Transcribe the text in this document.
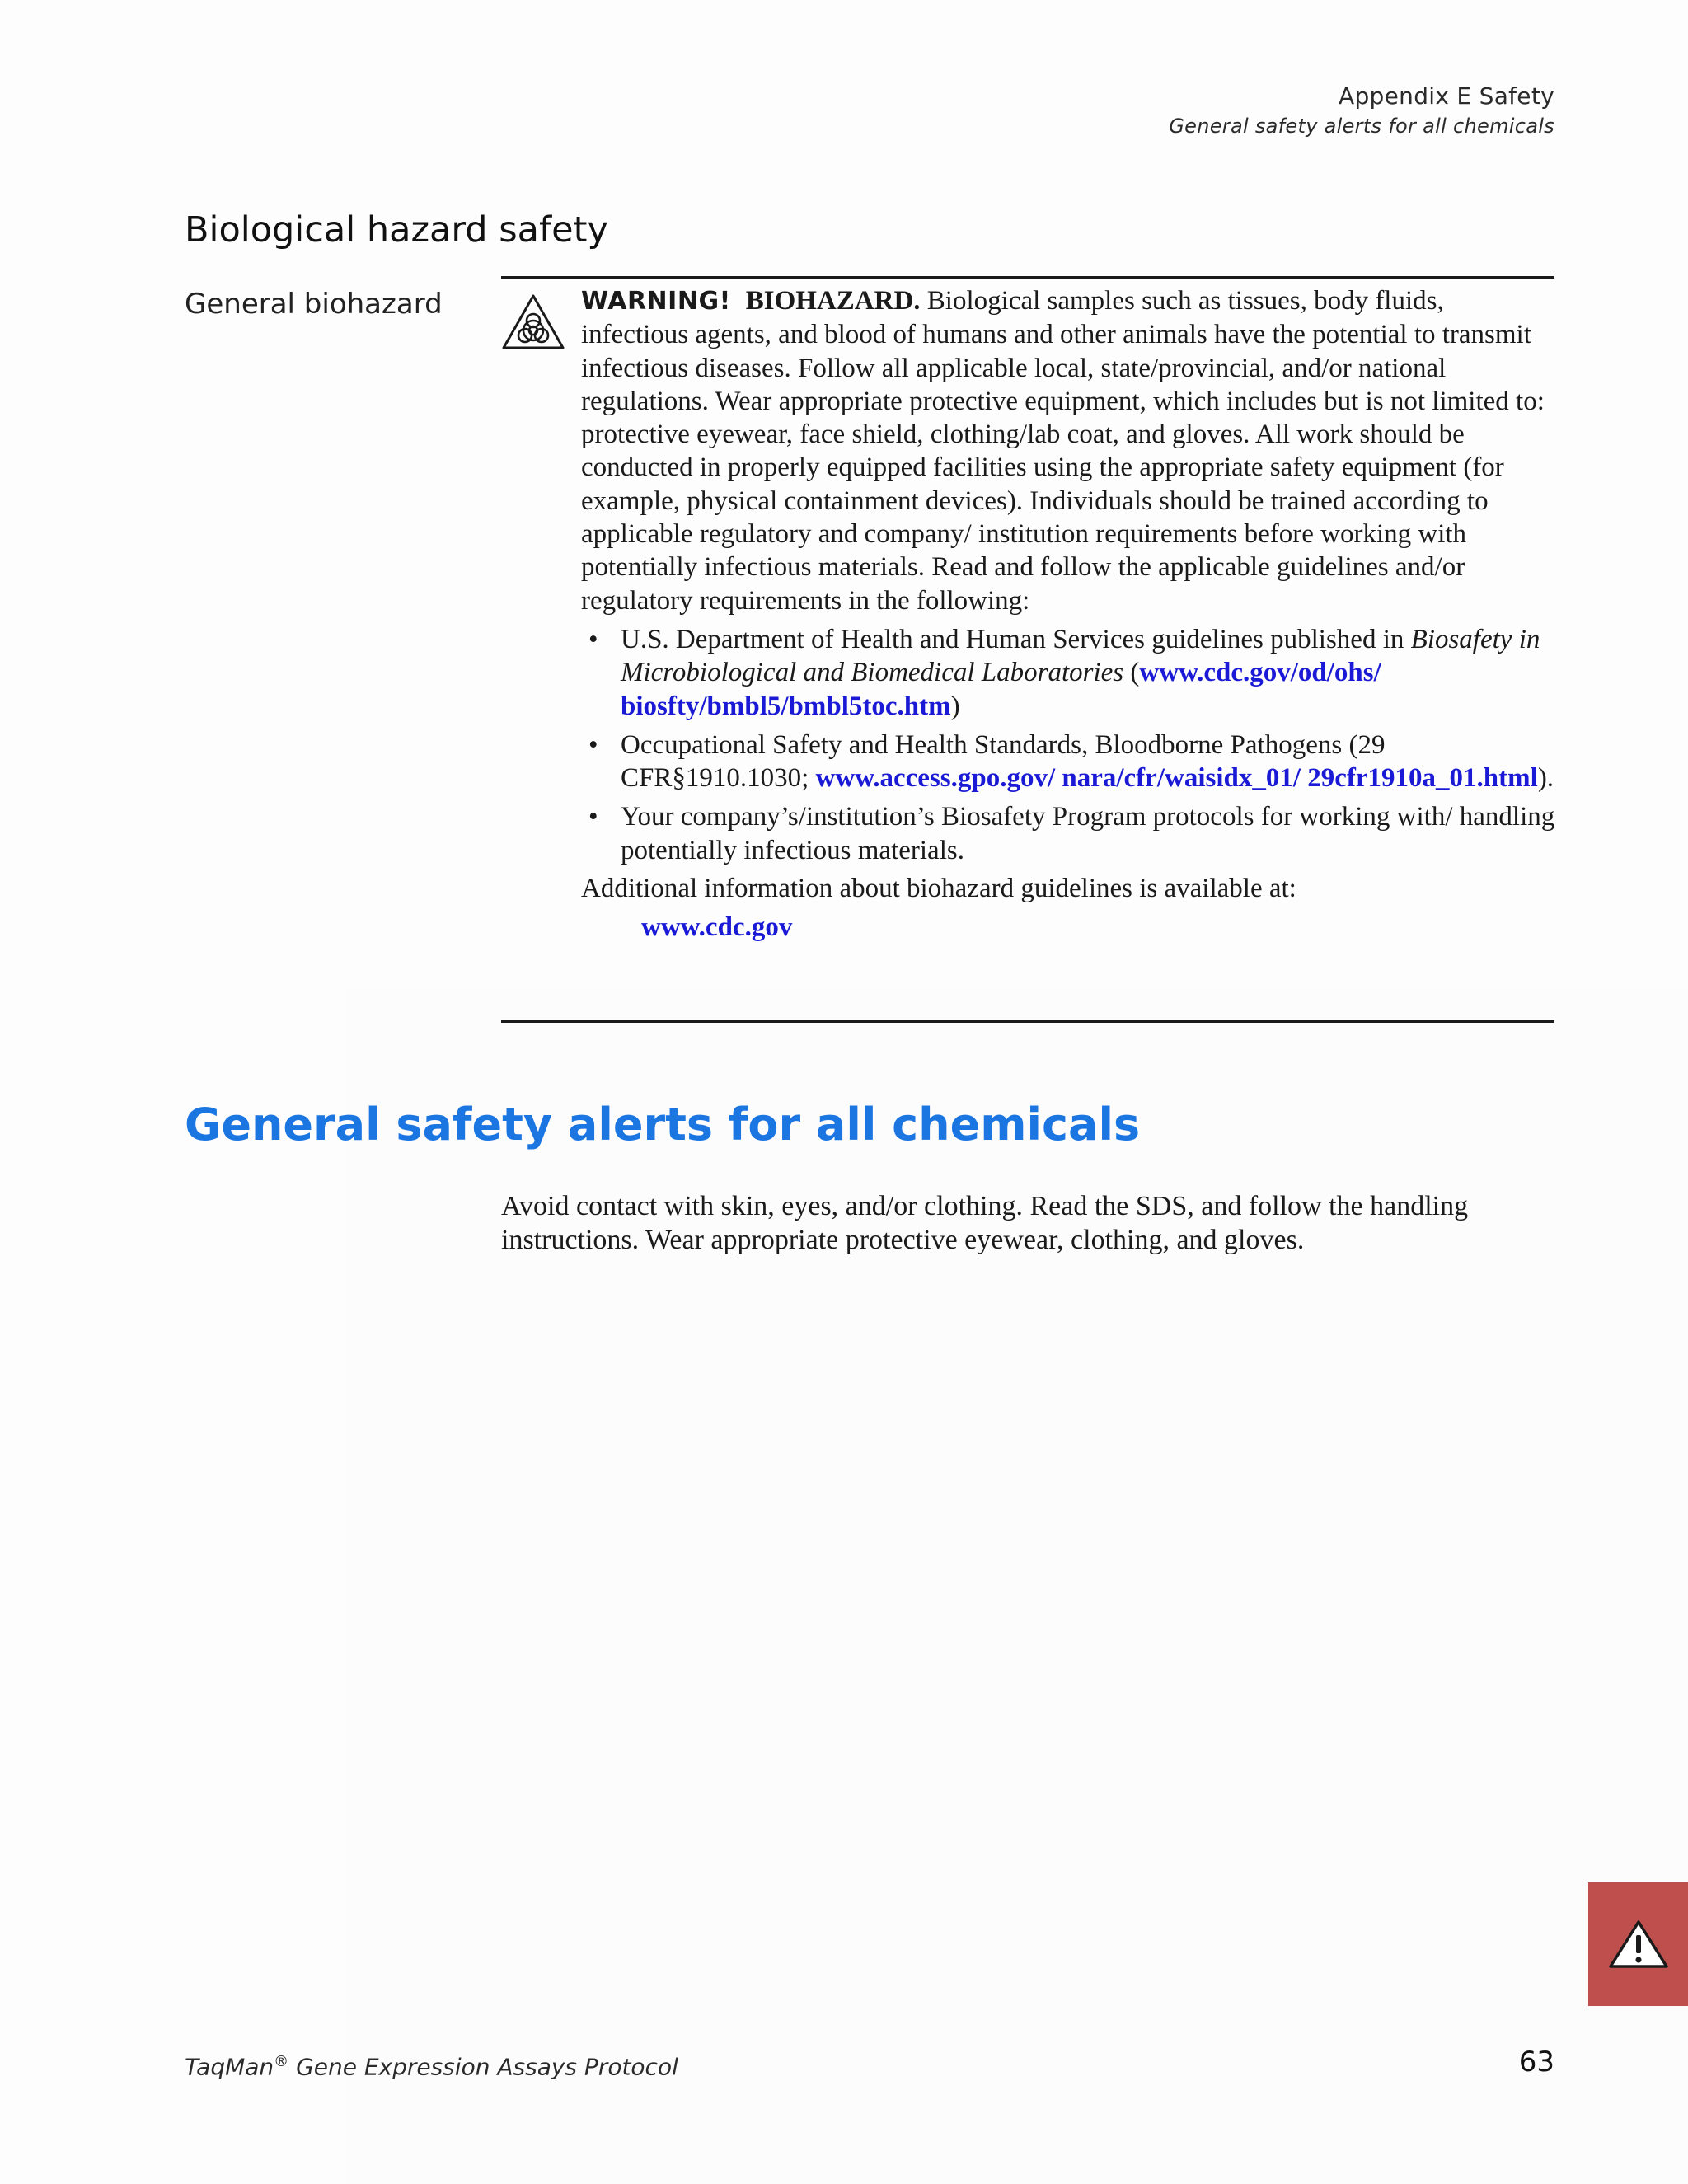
Appendix E Safety
General safety alerts for all chemicals
Biological hazard safety
General biohazard	WARNING! BIOHAZARD. Biological samples such as tissues, body fluids, infectious agents, and blood of humans and other animals have the potential to transmit infectious diseases. Follow all applicable local, state/provincial, and/or national regulations. Wear appropriate protective equipment, which includes but is not limited to: protective eyewear, face shield, clothing/lab coat, and gloves. All work should be conducted in properly equipped facilities using the appropriate safety equipment (for example, physical containment devices). Individuals should be trained according to applicable regulatory and company/ institution requirements before working with potentially infectious materials. Read and follow the applicable guidelines and/or regulatory requirements in the following:

• U.S. Department of Health and Human Services guidelines published in Biosafety in Microbiological and Biomedical Laboratories (www.cdc.gov/od/ohs/ biosfty/bmbl5/bmbl5toc.htm)
• Occupational Safety and Health Standards, Bloodborne Pathogens (29 CFR§1910.1030; www.access.gpo.gov/ nara/cfr/waisidx_01/ 29cfr1910a_01.html).
• Your company’s/institution’s Biosafety Program protocols for working with/ handling potentially infectious materials.

Additional information about biohazard guidelines is available at:

www.cdc.gov

General safety alerts for all chemicals

Avoid contact with skin, eyes, and/or clothing. Read the SDS, and follow the handling instructions. Wear appropriate protective eyewear, clothing, and gloves.

TaqMan® Gene Expression Assays Protocol	63
